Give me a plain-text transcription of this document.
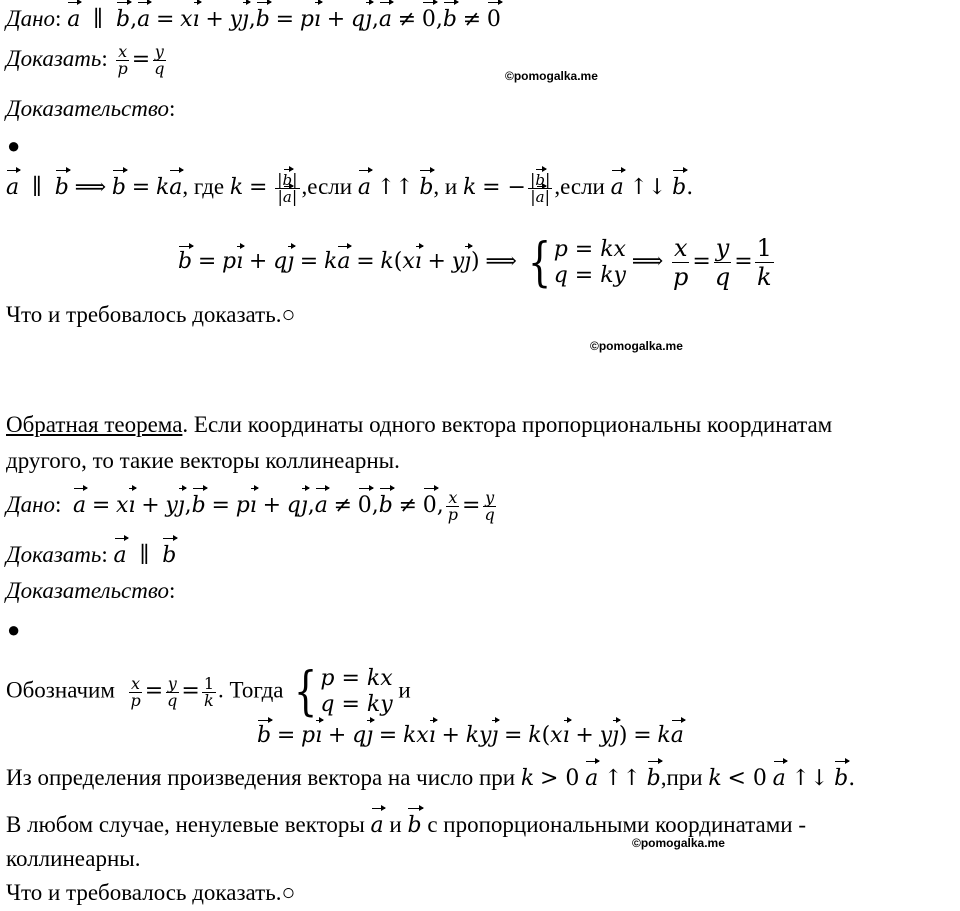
Дано: a  ∥  b,a = xı + yȷ,b = pı + qȷ,a ≠ 0,b ≠ 0
Доказать: $\frac{x}{p} = \frac{y}{q}$	©pomogalka.me
Доказательство:
●
a  ∥  b ⟹ b = ka, где $k = \frac{|b|}{|a|}$ ,если a ↑↑ b, и k = − $\frac{|b|}{|a|}$ ,если a ↑↓ b.
b = pı + qȷ = ka = k(xı + yȷ) ⟹ { p = kx
q = ky
⟹ $\frac{x}{p} = \frac{y}{q} = \frac{1}{k}$
Что и требовалось доказать.○
©pomogalka.me
Обратная теорема. Если координаты одного вектора пропорциональны координатам
другого, то такие векторы коллинеарны.
Дано: a = xı + yȷ,b = pı + qȷ,a ≠ 0,b ≠ 0, $\frac{x}{p} = \frac{y}{q}$
Доказать: a  ∥  b
Доказательство:
●
Обозначим $\frac{x}{p} = \frac{y}{q} = \frac{1}{k}$ . Тогда { p = kx
q = ky
и
b = pı + qȷ = kxı + kyȷ = k(xı + yȷ) = ka
Из определения произведения вектора на число при k > 0 a ↑↑ b,при k < 0 a ↑↓ b.
В любом случае, ненулевые векторы a и b с пропорциональными координатами -
коллинеарны.
©pomogalka.me
Что и требовалось доказать.○
